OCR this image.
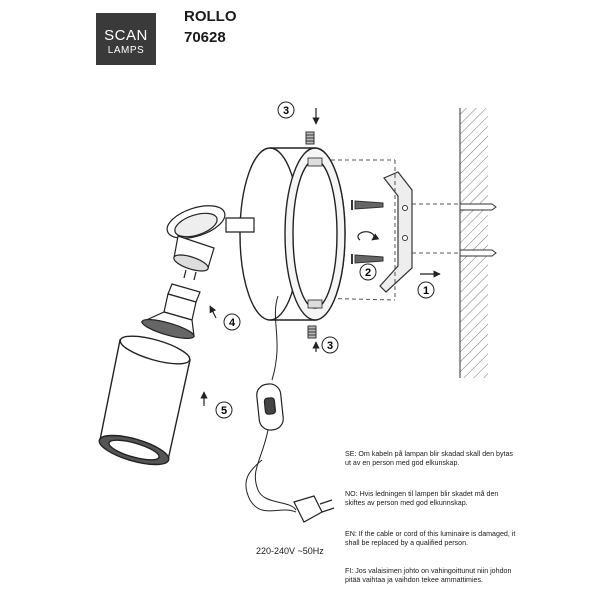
SCAN
LAMPS
ROLLO
70628
1
2
3
3
4
5
220-240V ~50Hz
SE: Om kabeln på lampan blir skadad skall den bytas ut av en person med god elkunskap.
NO: Hvis ledningen til lampen blir skadet må den skiftes av person med god elkunnskap.
EN: If the cable or cord of this luminaire is damaged, it shall be replaced by a qualified person.
FI: Jos valaisimen johto on vahingoittunut niin johdon pitää vaihtaa ja vaihdon tekee ammattimies.
